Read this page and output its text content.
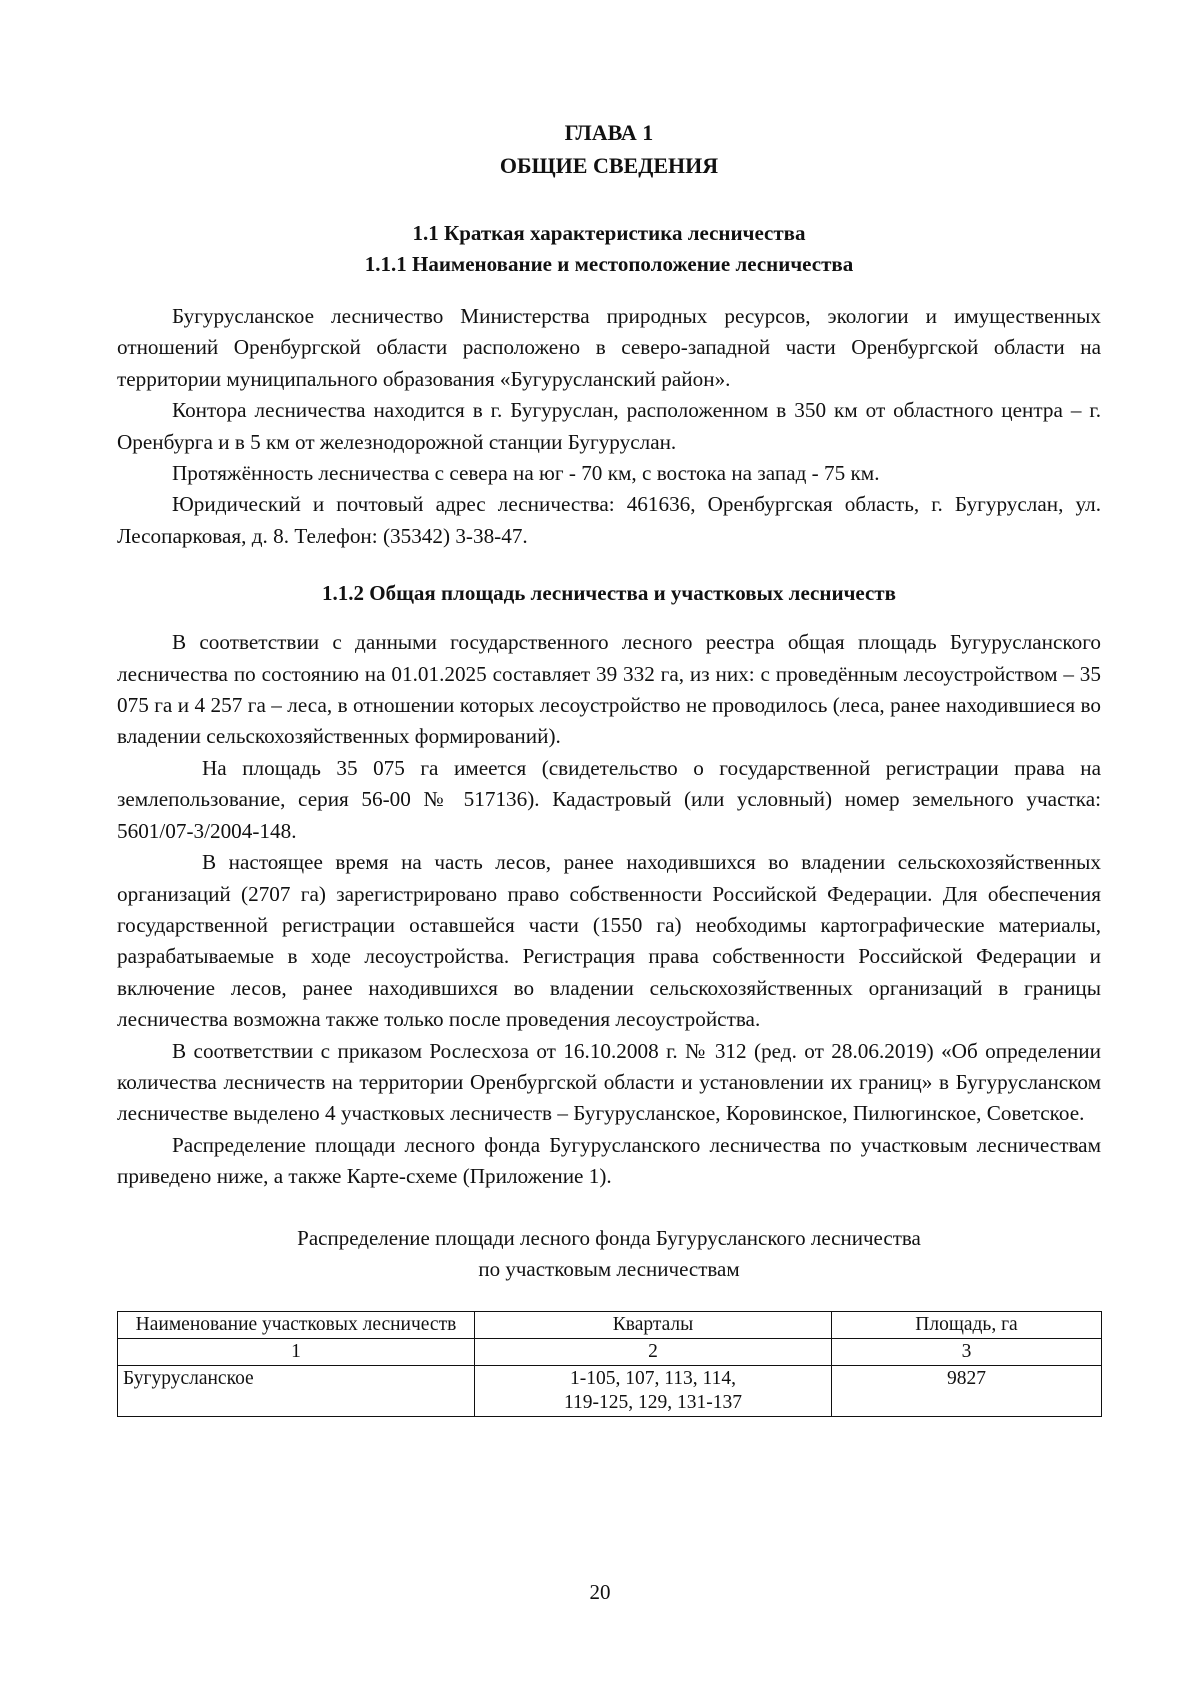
ГЛАВА 1
ОБЩИЕ СВЕДЕНИЯ
1.1 Краткая характеристика лесничества
1.1.1 Наименование и местоположение лесничества

Бугурусланское лесничество Министерства природных ресурсов, экологии и имущественных отношений Оренбургской области расположено в северо-западной части Оренбургской области на территории муниципального образования «Бугурусланский район».

Контора лесничества находится в г. Бугуруслан, расположенном в 350 км от областного центра – г. Оренбурга и в 5 км от железнодорожной станции Бугуруслан.

Протяжённость лесничества с севера на юг - 70 км, с востока на запад - 75 км.

Юридический и почтовый адрес лесничества: 461636, Оренбургская область, г. Бугуруслан, ул. Лесопарковая, д. 8. Телефон: (35342) 3-38-47.

1.1.2 Общая площадь лесничества и участковых лесничеств

В соответствии с данными государственного лесного реестра общая площадь Бугурусланского лесничества по состоянию на 01.01.2025 составляет 39 332 га, из них: с проведённым лесоустройством – 35 075 га и 4 257 га – леса, в отношении которых лесоустройство не проводилось (леса, ранее находившиеся во владении сельскохозяйственных формирований).

На площадь 35 075 га имеется (свидетельство о государственной регистрации права на землепользование, серия 56-00 № 517136). Кадастровый (или условный) номер земельного участка: 5601/07-3/2004-148.

В настоящее время на часть лесов, ранее находившихся во владении сельскохозяйственных организаций (2707 га) зарегистрировано право собственности Российской Федерации. Для обеспечения государственной регистрации оставшейся части (1550 га) необходимы картографические материалы, разрабатываемые в ходе лесоустройства. Регистрация права собственности Российской Федерации и включение лесов, ранее находившихся во владении сельскохозяйственных организаций в границы лесничества возможна также только после проведения лесоустройства.

В соответствии с приказом Рослесхоза от 16.10.2008 г. № 312 (ред. от 28.06.2019) «Об определении количества лесничеств на территории Оренбургской области и установлении их границ» в Бугурусланском лесничестве выделено 4 участковых лесничеств – Бугурусланское, Коровинское, Пилюгинское, Советское.

Распределение площади лесного фонда Бугурусланского лесничества по участковым лесничествам приведено ниже, а также Карте-схеме (Приложение 1).

Распределение площади лесного фонда Бугурусланского лесничества
по участковым лесничествам
Наименование участковых лесничеств	Кварталы	Площадь, га
1	2	3
Бугурусланское	1-105, 107, 113, 114,
119-125, 129, 131-137	9827
20
